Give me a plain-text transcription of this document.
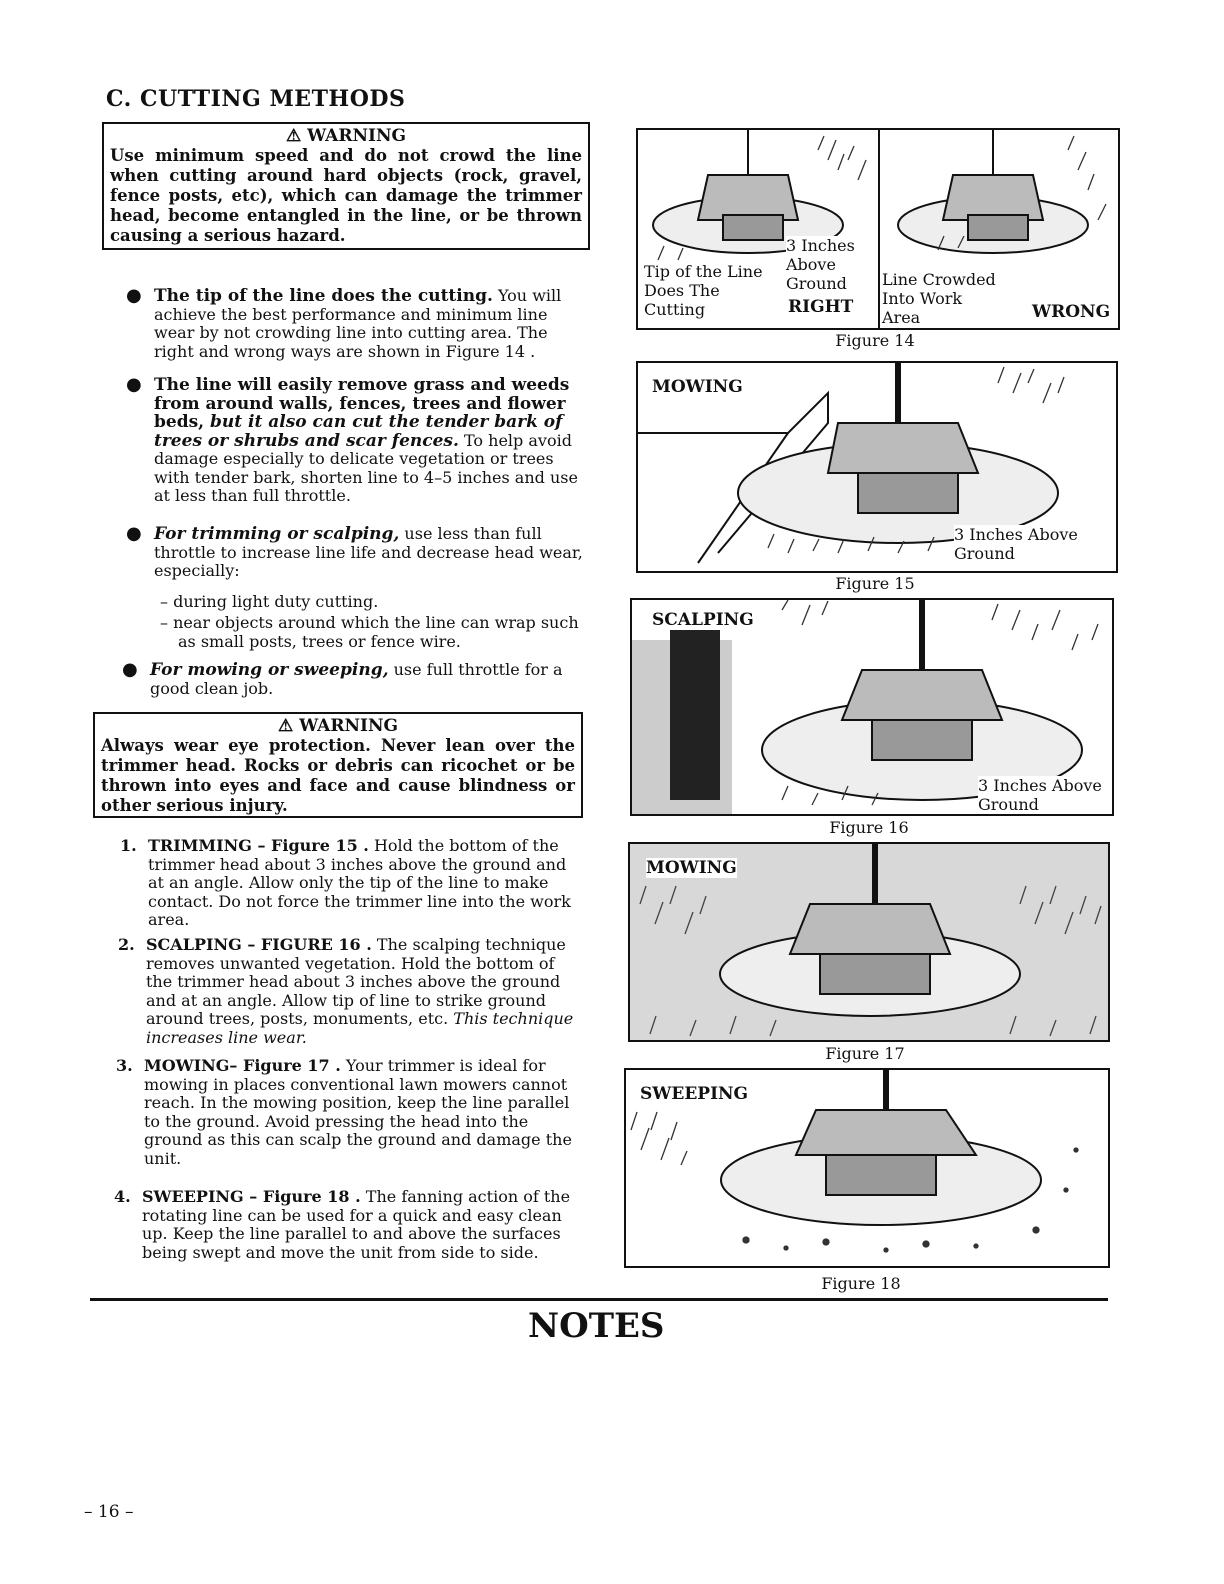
C. CUTTING METHODS
⚠ WARNING
Use minimum speed and do not crowd the line when cutting around hard objects (rock, gravel, fence posts, etc), which can damage the trimmer head, become entangled in the line, or be thrown causing a serious hazard.
● The tip of the line does the cutting. You will achieve the best performance and minimum line wear by not crowding line into cutting area. The right and wrong ways are shown in Figure 14 .
● The line will easily remove grass and weeds from around walls, fences, trees and flower beds, but it also can cut the tender bark of trees or shrubs and scar fences. To help avoid damage especially to delicate vegetation or trees with tender bark, shorten line to 4–5 inches and use at less than full throttle.
● For trimming or scalping, use less than full throttle to increase line life and decrease head wear, especially:
– during light duty cutting.
– near objects around which the line can wrap such as small posts, trees or fence wire.
● For mowing or sweeping, use full throttle for a good clean job.
⚠ WARNING
Always wear eye protection. Never lean over the trimmer head. Rocks or debris can ricochet or be thrown into eyes and face and cause blindness or other serious injury.
1. TRIMMING – Figure 15 . Hold the bottom of the trimmer head about 3 inches above the ground and at an angle. Allow only the tip of the line to make contact. Do not force the trimmer line into the work area.
2. SCALPING – FIGURE 16 . The scalping technique removes unwanted vegetation. Hold the bottom of the trimmer head about 3 inches above the ground and at an angle. Allow tip of line to strike ground around trees, posts, monuments, etc. This technique increases line wear.
3. MOWING– Figure 17 . Your trimmer is ideal for mowing in places conventional lawn mowers cannot reach. In the mowing position, keep the line parallel to the ground. Avoid pressing the head into the ground as this can scalp the ground and damage the unit.
4. SWEEPING – Figure 18 . The fanning action of the rotating line can be used for a quick and easy clean up. Keep the line parallel to and above the surfaces being swept and move the unit from side to side.
Tip of the Line Does The Cutting
3 Inches Above Ground
RIGHT
Line Crowded Into Work Area	WRONG
Figure 14
MOWING
3 Inches Above Ground
Figure 15
SCALPING
3 Inches Above Ground
Figure 16
MOWING
Figure 17
SWEEPING
Figure 18
NOTES
– 16 –
